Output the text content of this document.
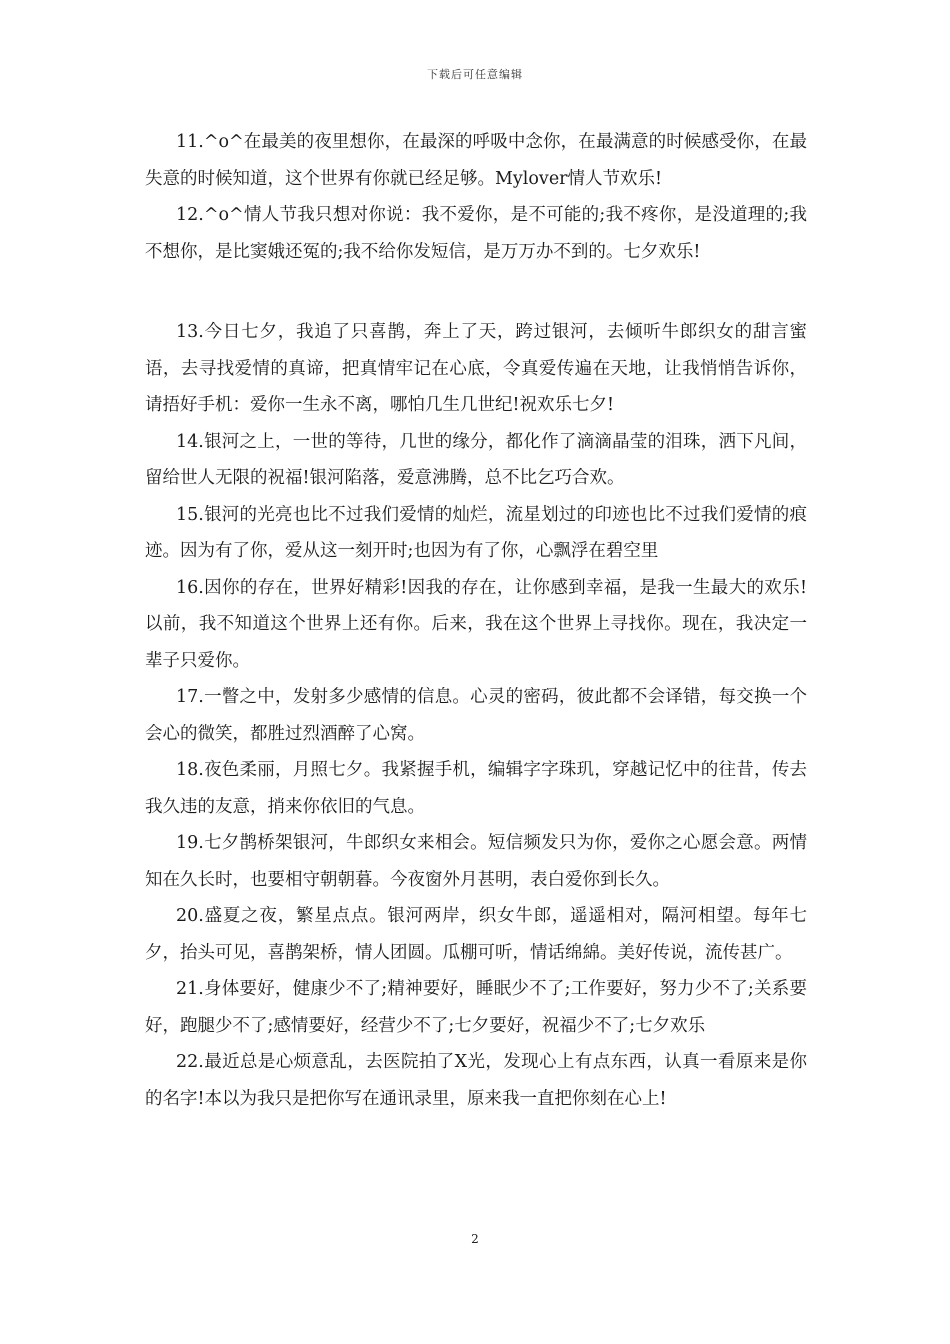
下载后可任意编辑

11.^o^在最美的夜里想你，在最深的呼吸中念你，在最满意的时候感受你，在最失意的时候知道，这个世界有你就已经足够。Mylover情人节欢乐!

12.^o^情人节我只想对你说：我不爱你，是不可能的;我不疼你，是没道理的;我不想你，是比窦娥还冤的;我不给你发短信，是万万办不到的。七夕欢乐!

13.今日七夕，我追了只喜鹊，奔上了天，跨过银河，去倾听牛郎织女的甜言蜜语，去寻找爱情的真谛，把真情牢记在心底，令真爱传遍在天地，让我悄悄告诉你，请捂好手机：爱你一生永不离，哪怕几生几世纪!祝欢乐七夕!

14.银河之上，一世的等待，几世的缘分，都化作了滴滴晶莹的泪珠，洒下凡间，留给世人无限的祝福!银河陷落，爱意沸腾，总不比乞巧合欢。

15.银河的光亮也比不过我们爱情的灿烂，流星划过的印迹也比不过我们爱情的痕迹。因为有了你，爱从这一刻开时;也因为有了你，心飘浮在碧空里

16.因你的存在，世界好精彩!因我的存在，让你感到幸福，是我一生最大的欢乐!以前，我不知道这个世界上还有你。后来，我在这个世界上寻找你。现在，我决定一辈子只爱你。

17.一瞥之中，发射多少感情的信息。心灵的密码，彼此都不会译错，每交换一个会心的微笑，都胜过烈酒醉了心窝。

18.夜色柔丽，月照七夕。我紧握手机，编辑字字珠玑，穿越记忆中的往昔，传去我久违的友意，捎来你依旧的气息。

19.七夕鹊桥架银河，牛郎织女来相会。短信频发只为你，爱你之心愿会意。两情知在久长时，也要相守朝朝暮。今夜窗外月甚明，表白爱你到长久。

20.盛夏之夜，繁星点点。银河两岸，织女牛郎，遥遥相对，隔河相望。每年七夕，抬头可见，喜鹊架桥，情人团圆。瓜棚可听，情话绵綿。美好传说，流传甚广。

21.身体要好，健康少不了;精神要好，睡眠少不了;工作要好，努力少不了;关系要好，跑腿少不了;感情要好，经营少不了;七夕要好，祝福少不了;七夕欢乐

22.最近总是心烦意乱，去医院拍了X光，发现心上有点东西，认真一看原来是你的名字!本以为我只是把你写在通讯录里，原来我一直把你刻在心上!

2
